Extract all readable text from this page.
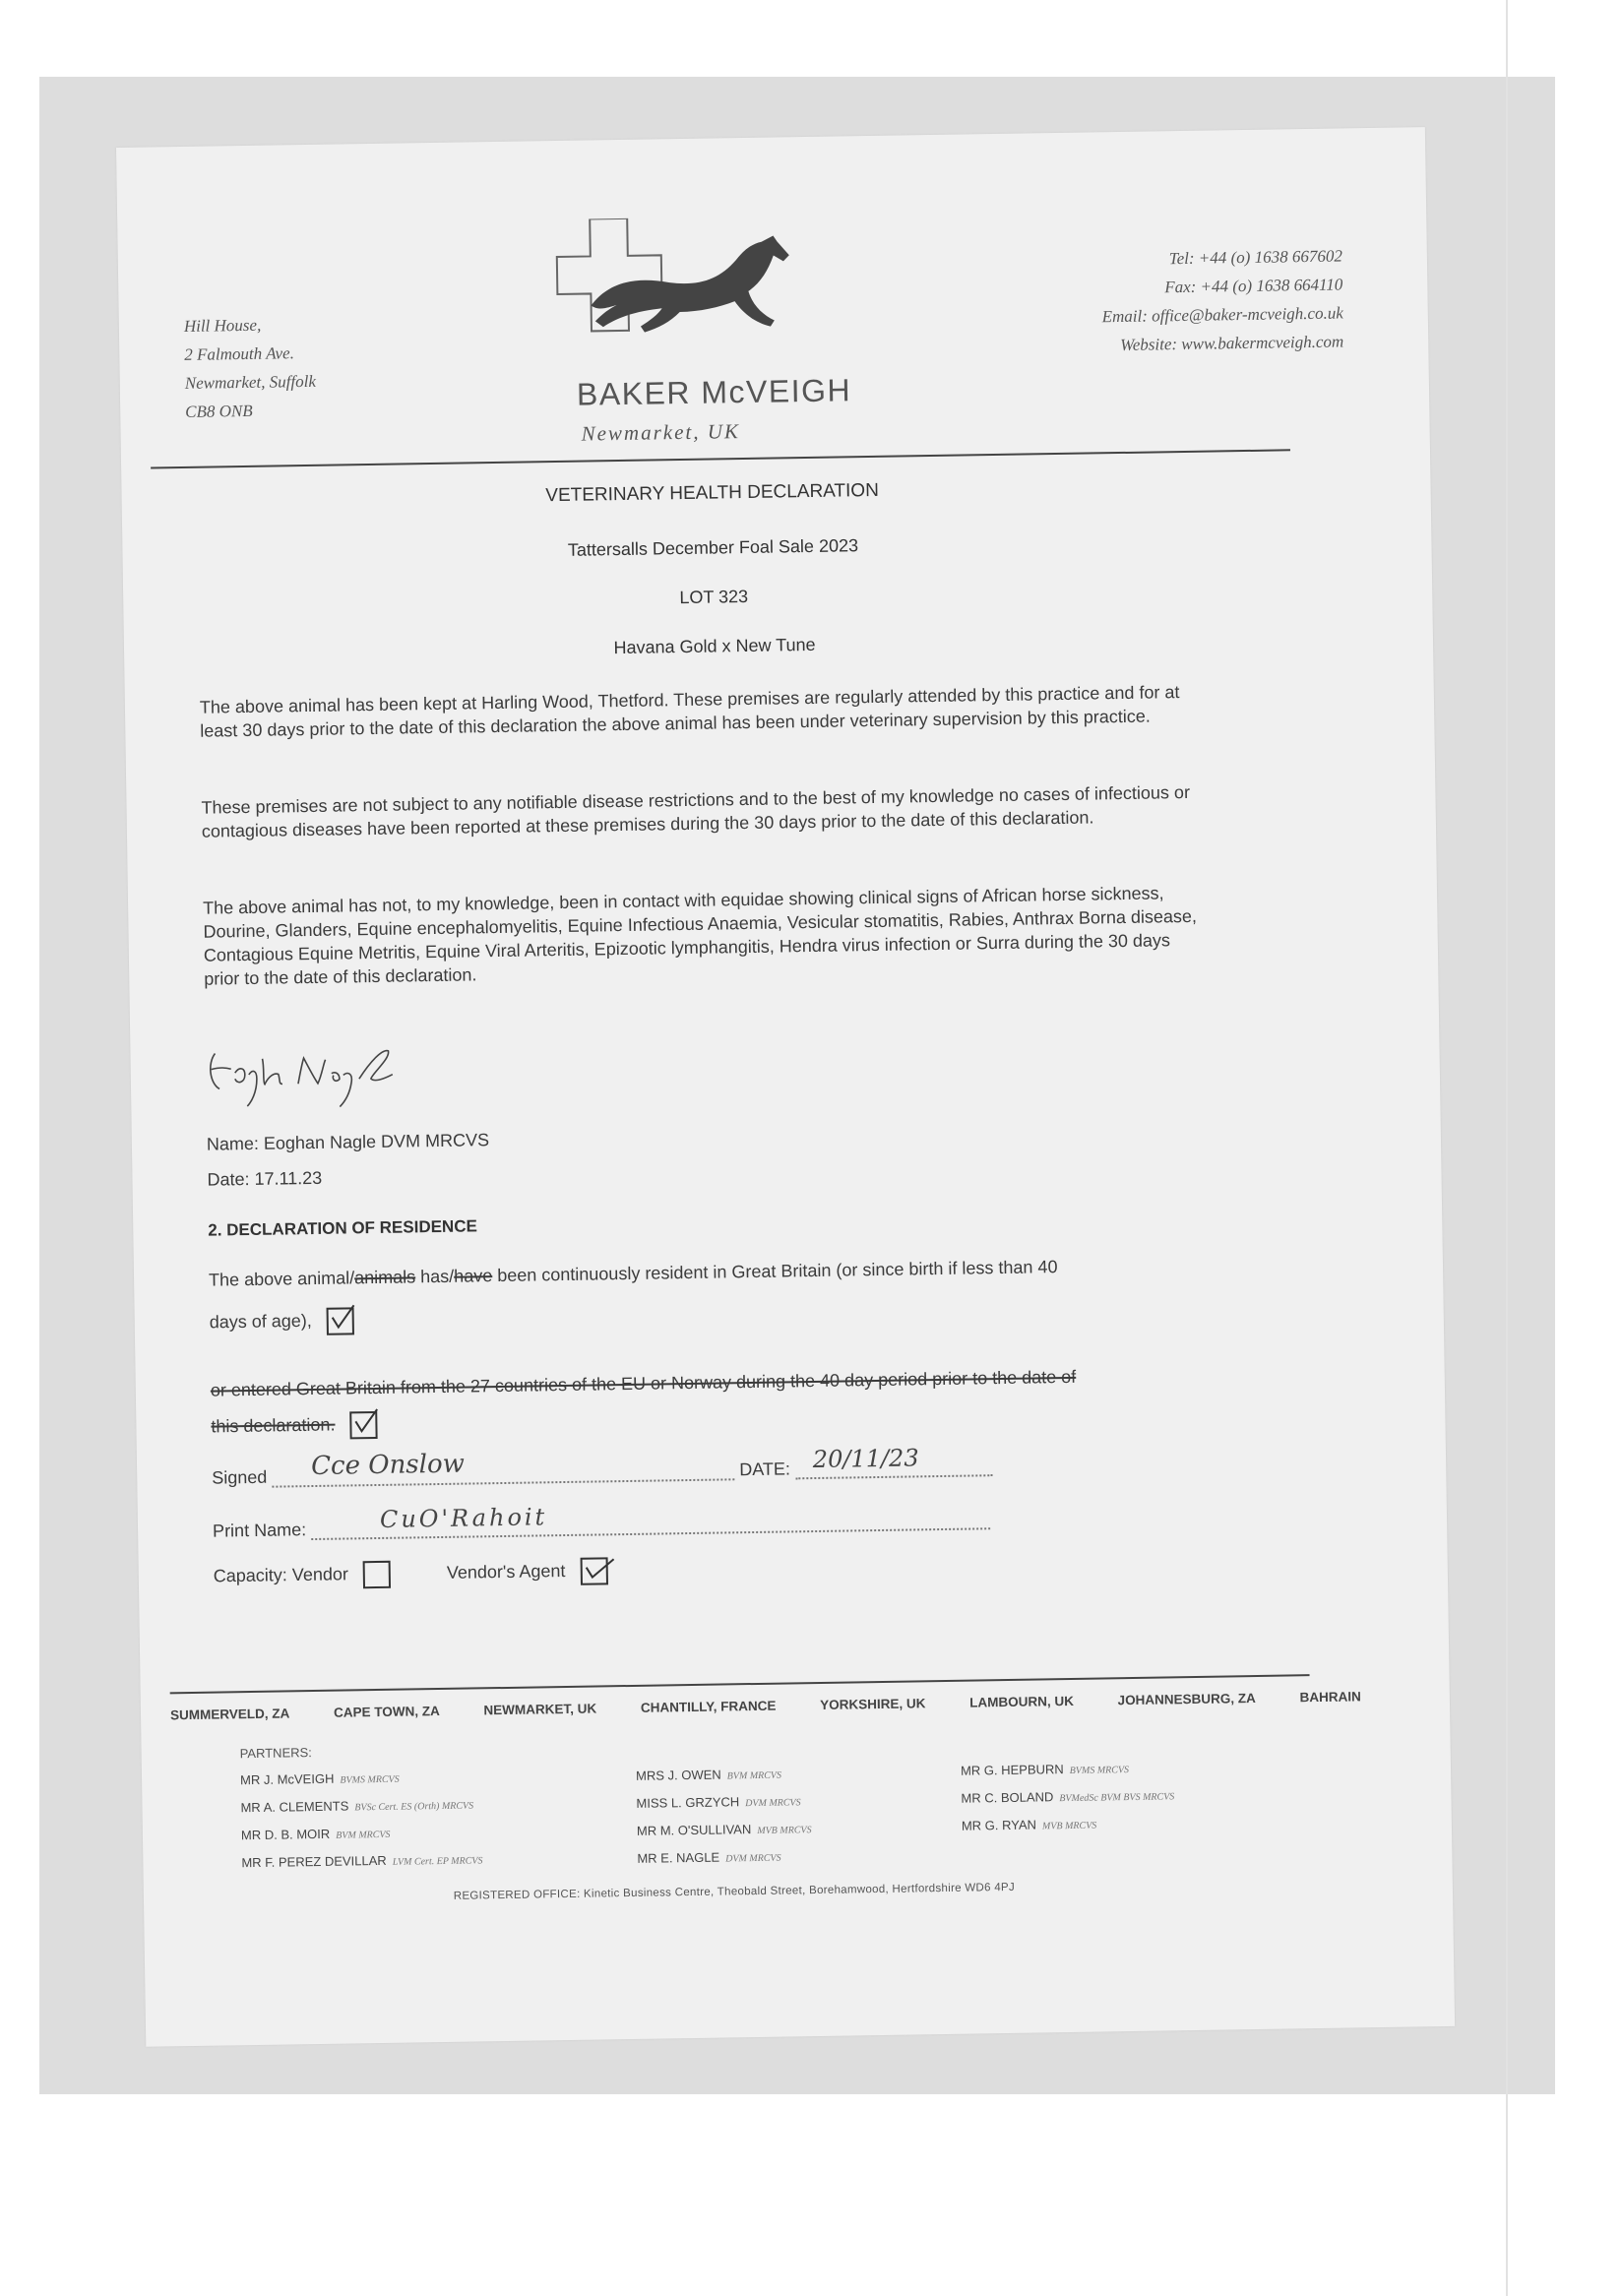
Hill House,
2 Falmouth Ave.
Newmarket, Suffolk
CB8 ONB	BAKER McVEIGH
Newmarket, UK
Tel: +44 (o) 1638 667602
Fax: +44 (o) 1638 664110
Email: office@baker-mcveigh.co.uk
Website: www.bakermcveigh.com
VETERINARY HEALTH DECLARATION
Tattersalls December Foal Sale 2023
LOT 323
Havana Gold x New Tune
The above animal has been kept at Harling Wood, Thetford. These premises are regularly attended by this practice and for at least 30 days prior to the date of this declaration the above animal has been under veterinary supervision by this practice.
These premises are not subject to any notifiable disease restrictions and to the best of my knowledge no cases of infectious or contagious diseases have been reported at these premises during the 30 days prior to the date of this declaration.
The above animal has not, to my knowledge, been in contact with equidae showing clinical signs of African horse sickness, Dourine, Glanders, Equine encephalomyelitis, Equine Infectious Anaemia, Vesicular stomatitis, Rabies, Anthrax Borna disease, Contagious Equine Metritis, Equine Viral Arteritis, Epizootic lymphangitis, Hendra virus infection or Surra during the 30 days prior to the date of this declaration.
Name: Eoghan Nagle DVM MRCVS
Date: 17.11.23
2. DECLARATION OF RESIDENCE
The above animal/animals has/have been continuously resident in Great Britain (or since birth if less than 40
days of age),
or entered Great Britain from the 27 countries of the EU or Norway during the 40 day period prior to the date of
this declaration.
Signed Cce Onslow	DATE: 20/11/23
Print Name:	CuO'Rahoit
Capacity: Vendor	Vendor's Agent
SUMMERVELD, ZA	CAPE TOWN, ZA	NEWMARKET, UK	CHANTILLY, FRANCE	YORKSHIRE, UK	LAMBOURN, UK	JOHANNESBURG, ZA	BAHRAIN
PARTNERS:
MR J. McVEIGH BVMS MRCVS
MR A. CLEMENTS BVSc Cert. ES (Orth) MRCVS
MR D. B. MOIR BVM MRCVS
MR F. PEREZ DEVILLAR LVM Cert. EP MRCVS
MRS J. OWEN BVM MRCVS
MISS L. GRZYCH DVM MRCVS
MR M. O'SULLIVAN MVB MRCVS
MR E. NAGLE DVM MRCVS
MR G. HEPBURN BVMS MRCVS
MR C. BOLAND BVMedSc BVM BVS MRCVS
MR G. RYAN MVB MRCVS
REGISTERED OFFICE: Kinetic Business Centre, Theobald Street, Borehamwood, Hertfordshire WD6 4PJ
